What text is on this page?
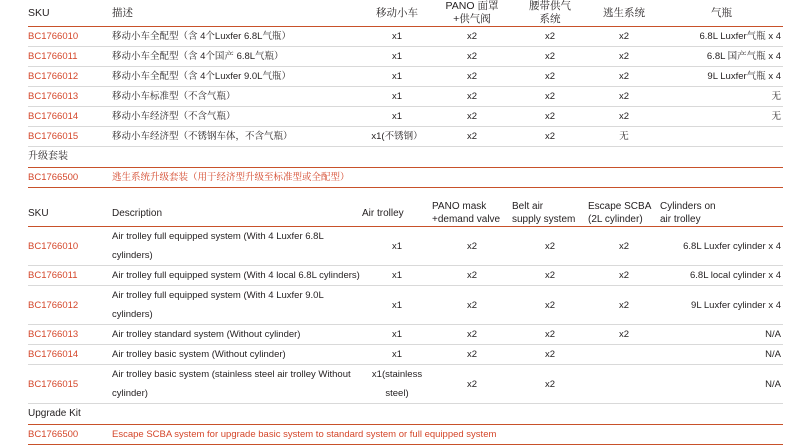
SKU	描述	移动小车	PANO 面罩
+供气阀	腰带供气
系统	逃生系统	气瓶

BC1766010	移动小车全配型（含 4个Luxfer 6.8L气瓶）	x1	x2	x2	x2	6.8L Luxfer气瓶 x 4
BC1766011	移动小车全配型（含 4个国产 6.8L气瓶）	x1	x2	x2	x2	6.8L 国产气瓶 x 4
BC1766012	移动小车全配型（含 4个Luxfer 9.0L气瓶）	x1	x2	x2	x2	9L Luxfer气瓶 x 4
BC1766013	移动小车标准型（不含气瓶）	x1	x2	x2	x2	无
BC1766014	移动小车经济型（不含气瓶）	x1	x2	x2	x2	无
BC1766015	移动小车经济型（不锈钢车体，不含气瓶）	x1(不锈钢）	x2	x2	无	
升级套装						
BC1766500	逃生系统升级套装（用于经济型升级至标准型或全配型）					
SKU	Description	Air trolley	PANO mask
+demand valve	Belt air
supply system	Escape SCBA
(2L cylinder)	Cylinders on
air trolley

BC1766010	Air trolley full equipped system (With 4 Luxfer 6.8L cylinders)	x1	x2	x2	x2	6.8L Luxfer cylinder x 4
BC1766011	Air trolley full equipped system (With 4 local 6.8L cylinders)	x1	x2	x2	x2	6.8L local cylinder x 4
BC1766012	Air trolley full equipped system (With 4 Luxfer 9.0L cylinders)	x1	x2	x2	x2	9L Luxfer cylinder x 4
BC1766013	Air trolley standard system (Without cylinder)	x1	x2	x2	x2	N/A
BC1766014	Air trolley basic system (Without cylinder)	x1	x2	x2		N/A
BC1766015	Air trolley basic system (stainless steel air trolley Without cylinder)	x1(stainless steel)	x2	x2		N/A
Upgrade Kit						
BC1766500	Escape SCBA system for upgrade basic system to standard system or full equipped system					
